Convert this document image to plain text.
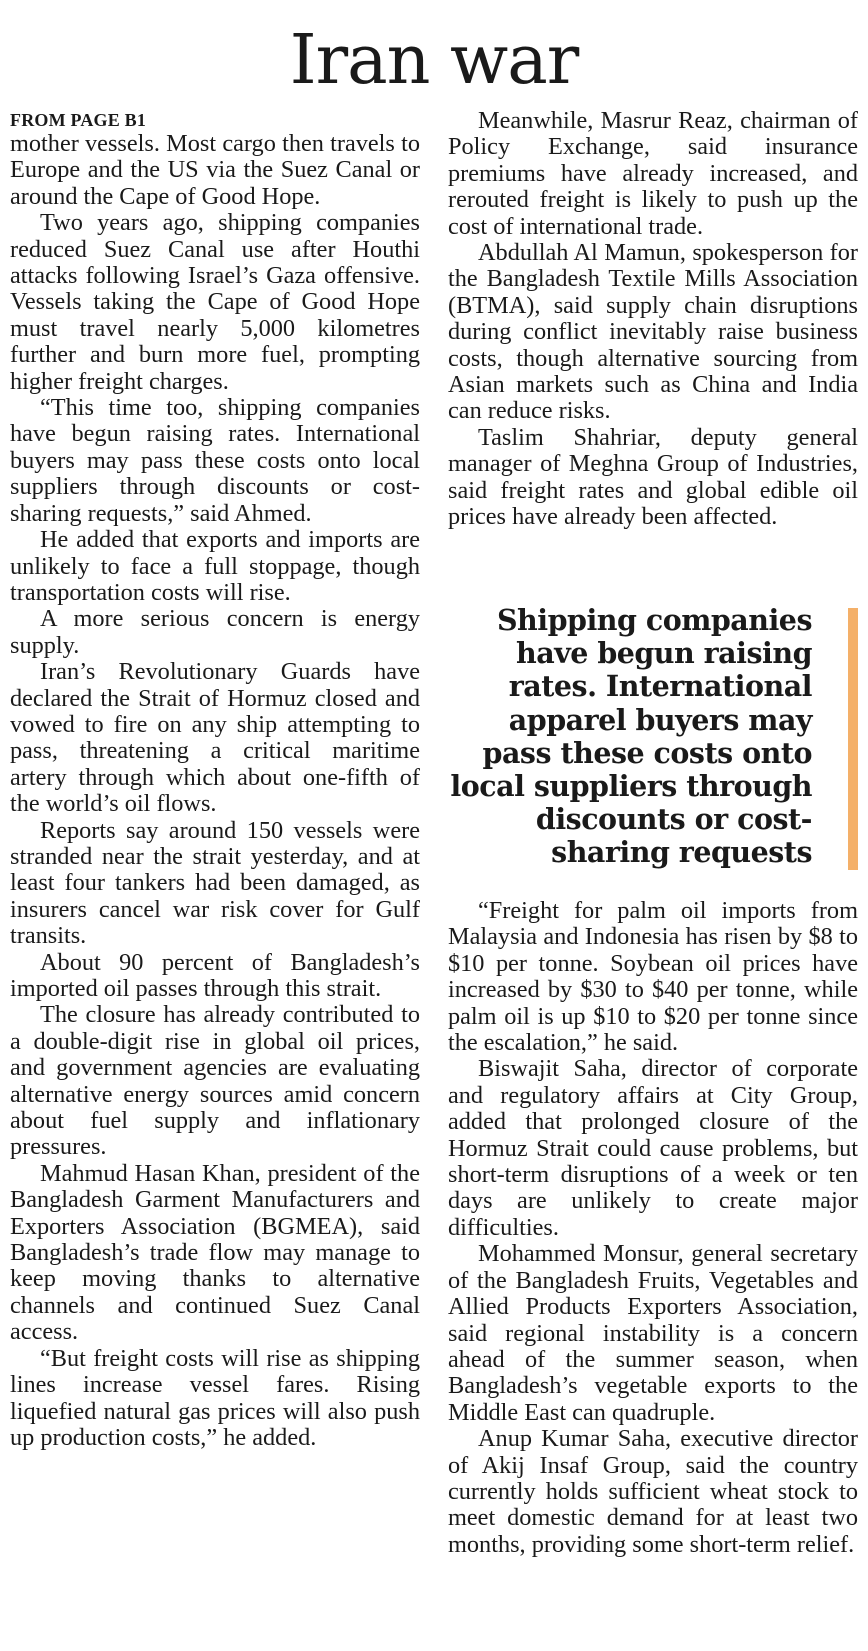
Iran war
FROM PAGE B1

mother vessels. Most cargo then travels to Europe and the US via the Suez Canal or around the Cape of Good Hope.

Two years ago, shipping companies reduced Suez Canal use after Houthi attacks following Israel’s Gaza offensive. Vessels taking the Cape of Good Hope must travel nearly 5,000 kilometres further and burn more fuel, prompting higher freight charges.

“This time too, shipping companies have begun raising rates. International buyers may pass these costs onto local suppliers through discounts or cost-sharing requests,” said Ahmed.

He added that exports and imports are unlikely to face a full stoppage, though transportation costs will rise.

A more serious concern is energy supply.

Iran’s Revolutionary Guards have declared the Strait of Hormuz closed and vowed to fire on any ship attempting to pass, threatening a critical maritime artery through which about one-fifth of the world’s oil flows.

Reports say around 150 vessels were stranded near the strait yesterday, and at least four tankers had been damaged, as insurers cancel war risk cover for Gulf transits.

About 90 percent of Bangladesh’s imported oil passes through this strait.

The closure has already contributed to a double-digit rise in global oil prices, and government agencies are evaluating alternative energy sources amid concern about fuel supply and inflationary pressures.

Mahmud Hasan Khan, president of the Bangladesh Garment Manufacturers and Exporters Association (BGMEA), said Bangladesh’s trade flow may manage to keep moving thanks to alternative channels and continued Suez Canal access.

“But freight costs will rise as shipping lines increase vessel fares. Rising liquefied natural gas prices will also push up production costs,” he added.

Meanwhile, Masrur Reaz, chairman of Policy Exchange, said insurance premiums have already increased, and rerouted freight is likely to push up the cost of international trade.

Abdullah Al Mamun, spokesperson for the Bangladesh Textile Mills Association (BTMA), said supply chain disruptions during conflict inevitably raise business costs, though alternative sourcing from Asian markets such as China and India can reduce risks.

Taslim Shahriar, deputy general manager of Meghna Group of Industries, said freight rates and global edible oil prices have already been affected.

Shipping companies have begun raising rates. International apparel buyers may pass these costs onto local suppliers through discounts or cost-sharing requests

“Freight for palm oil imports from Malaysia and Indonesia has risen by $8 to $10 per tonne. Soybean oil prices have increased by $30 to $40 per tonne, while palm oil is up $10 to $20 per tonne since the escalation,” he said.

Biswajit Saha, director of corporate and regulatory affairs at City Group, added that prolonged closure of the Hormuz Strait could cause problems, but short-term disruptions of a week or ten days are unlikely to create major difficulties.

Mohammed Monsur, general secretary of the Bangladesh Fruits, Vegetables and Allied Products Exporters Association, said regional instability is a concern ahead of the summer season, when Bangladesh’s vegetable exports to the Middle East can quadruple.

Anup Kumar Saha, executive director of Akij Insaf Group, said the country currently holds sufficient wheat stock to meet domestic demand for at least two months, providing some short-term relief.
